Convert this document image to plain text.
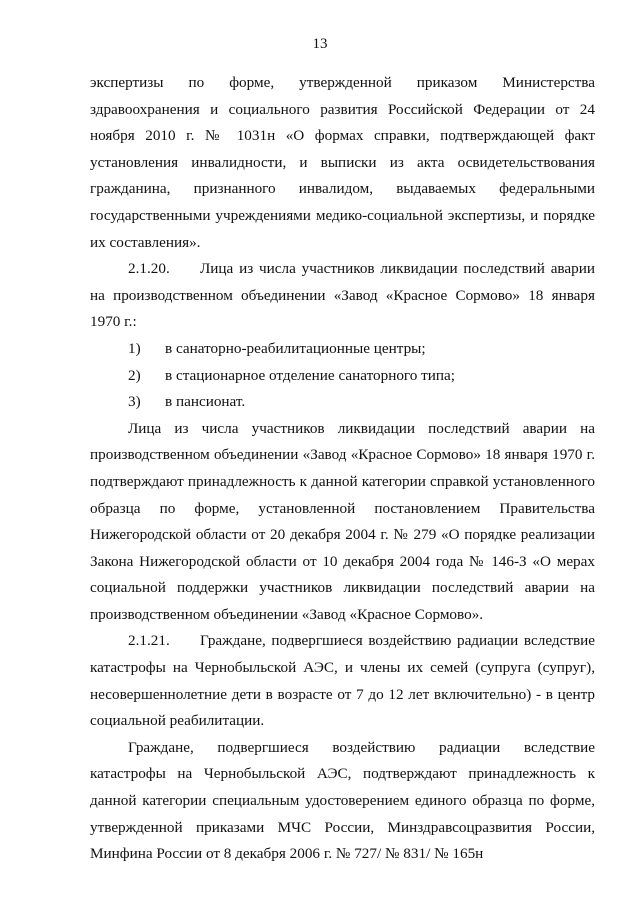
13

экспертизы по форме, утвержденной приказом Министерства здравоохранения и социального развития Российской Федерации от 24 ноября 2010 г. № 1031н «О формах справки, подтверждающей факт установления инвалидности, и выписки из акта освидетельствования гражданина, признанного инвалидом, выдаваемых федеральными государственными учреждениями медико-социальной экспертизы, и порядке их составления».

2.1.20. Лица из числа участников ликвидации последствий аварии на производственном объединении «Завод «Красное Сормово» 18 января 1970 г.:

1)	в санаторно-реабилитационные центры;
2)	в стационарное отделение санаторного типа;
3)	в пансионат.

Лица из числа участников ликвидации последствий аварии на производственном объединении «Завод «Красное Сормово» 18 января 1970 г. подтверждают принадлежность к данной категории справкой установленного образца по форме, установленной постановлением Правительства Нижегородской области от 20 декабря 2004 г. № 279 «О порядке реализации Закона Нижегородской области от 10 декабря 2004 года № 146-З «О мерах социальной поддержки участников ликвидации последствий аварии на производственном объединении «Завод «Красное Сормово».

2.1.21. Граждане, подвергшиеся воздействию радиации вследствие катастрофы на Чернобыльской АЭС, и члены их семей (супруга (супруг), несовершеннолетние дети в возрасте от 7 до 12 лет включительно) - в центр социальной реабилитации.

Граждане, подвергшиеся воздействию радиации вследствие катастрофы на Чернобыльской АЭС, подтверждают принадлежность к данной категории специальным удостоверением единого образца по форме, утвержденной приказами МЧС России, Минздравсоцразвития России, Минфина России от 8 декабря 2006 г. № 727/ № 831/ № 165н
